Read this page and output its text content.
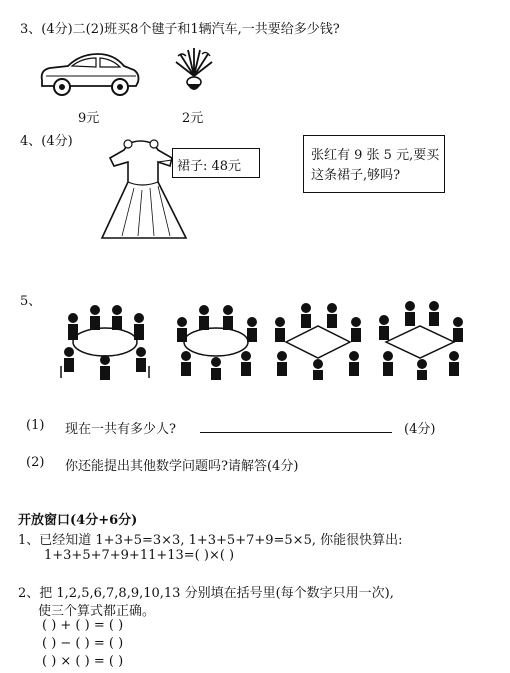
3、(4分)二(2)班买8个毽子和1辆汽车,一共要给多少钱?
9元	2元
4、(4分)
裙子: 48元
张红有 9 张 5 元,要买
这条裙子,够吗?
5、
(1) 现在一共有多少人?	(4分)
(2) 你还能提出其他数学问题吗?请解答(4分)
开放窗口(4分+6分)
1、已经知道 1+3+5=3×3, 1+3+5+7+9=5×5, 你能很快算出:
1+3+5+7+9+11+13=( )×( )
2、把 1,2,5,6,7,8,9,10,13 分别填在括号里(每个数字只用一次),
使三个算式都正确。
( ) + ( ) = ( )
( ) − ( ) = ( )
( ) × ( ) = ( )
